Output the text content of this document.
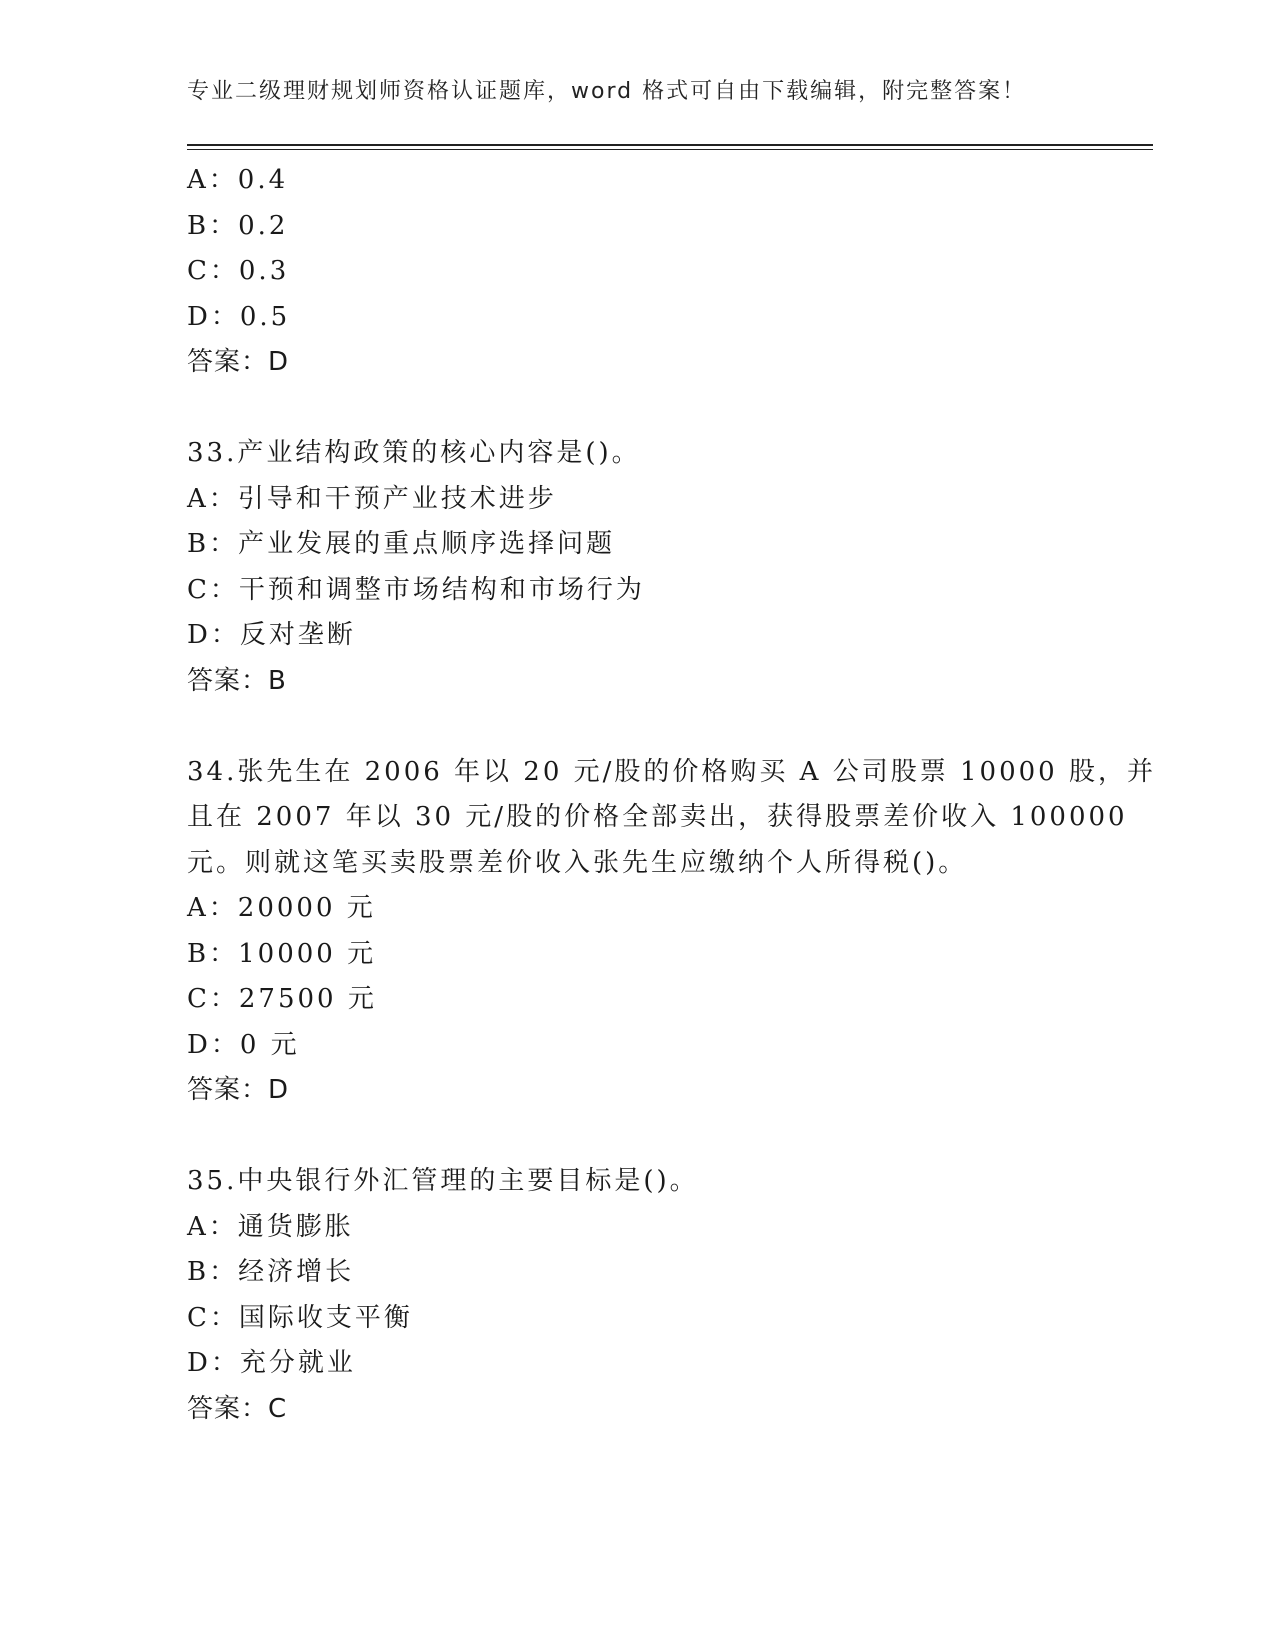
专业二级理财规划师资格认证题库，word 格式可自由下载编辑，附完整答案！
A：0.4
B：0.2
C：0.3
D：0.5
答案：D
33.产业结构政策的核心内容是()。
A：引导和干预产业技术进步
B：产业发展的重点顺序选择问题
C：干预和调整市场结构和市场行为
D：反对垄断
答案：B
34.张先生在 2006 年以 20 元/股的价格购买 A 公司股票 10000 股，并
且在 2007 年以 30 元/股的价格全部卖出，获得股票差价收入 100000
元。则就这笔买卖股票差价收入张先生应缴纳个人所得税()。
A：20000 元
B：10000 元
C：27500 元
D：0 元
答案：D
35.中央银行外汇管理的主要目标是()。
A：通货膨胀
B：经济增长
C：国际收支平衡
D：充分就业
答案：C
